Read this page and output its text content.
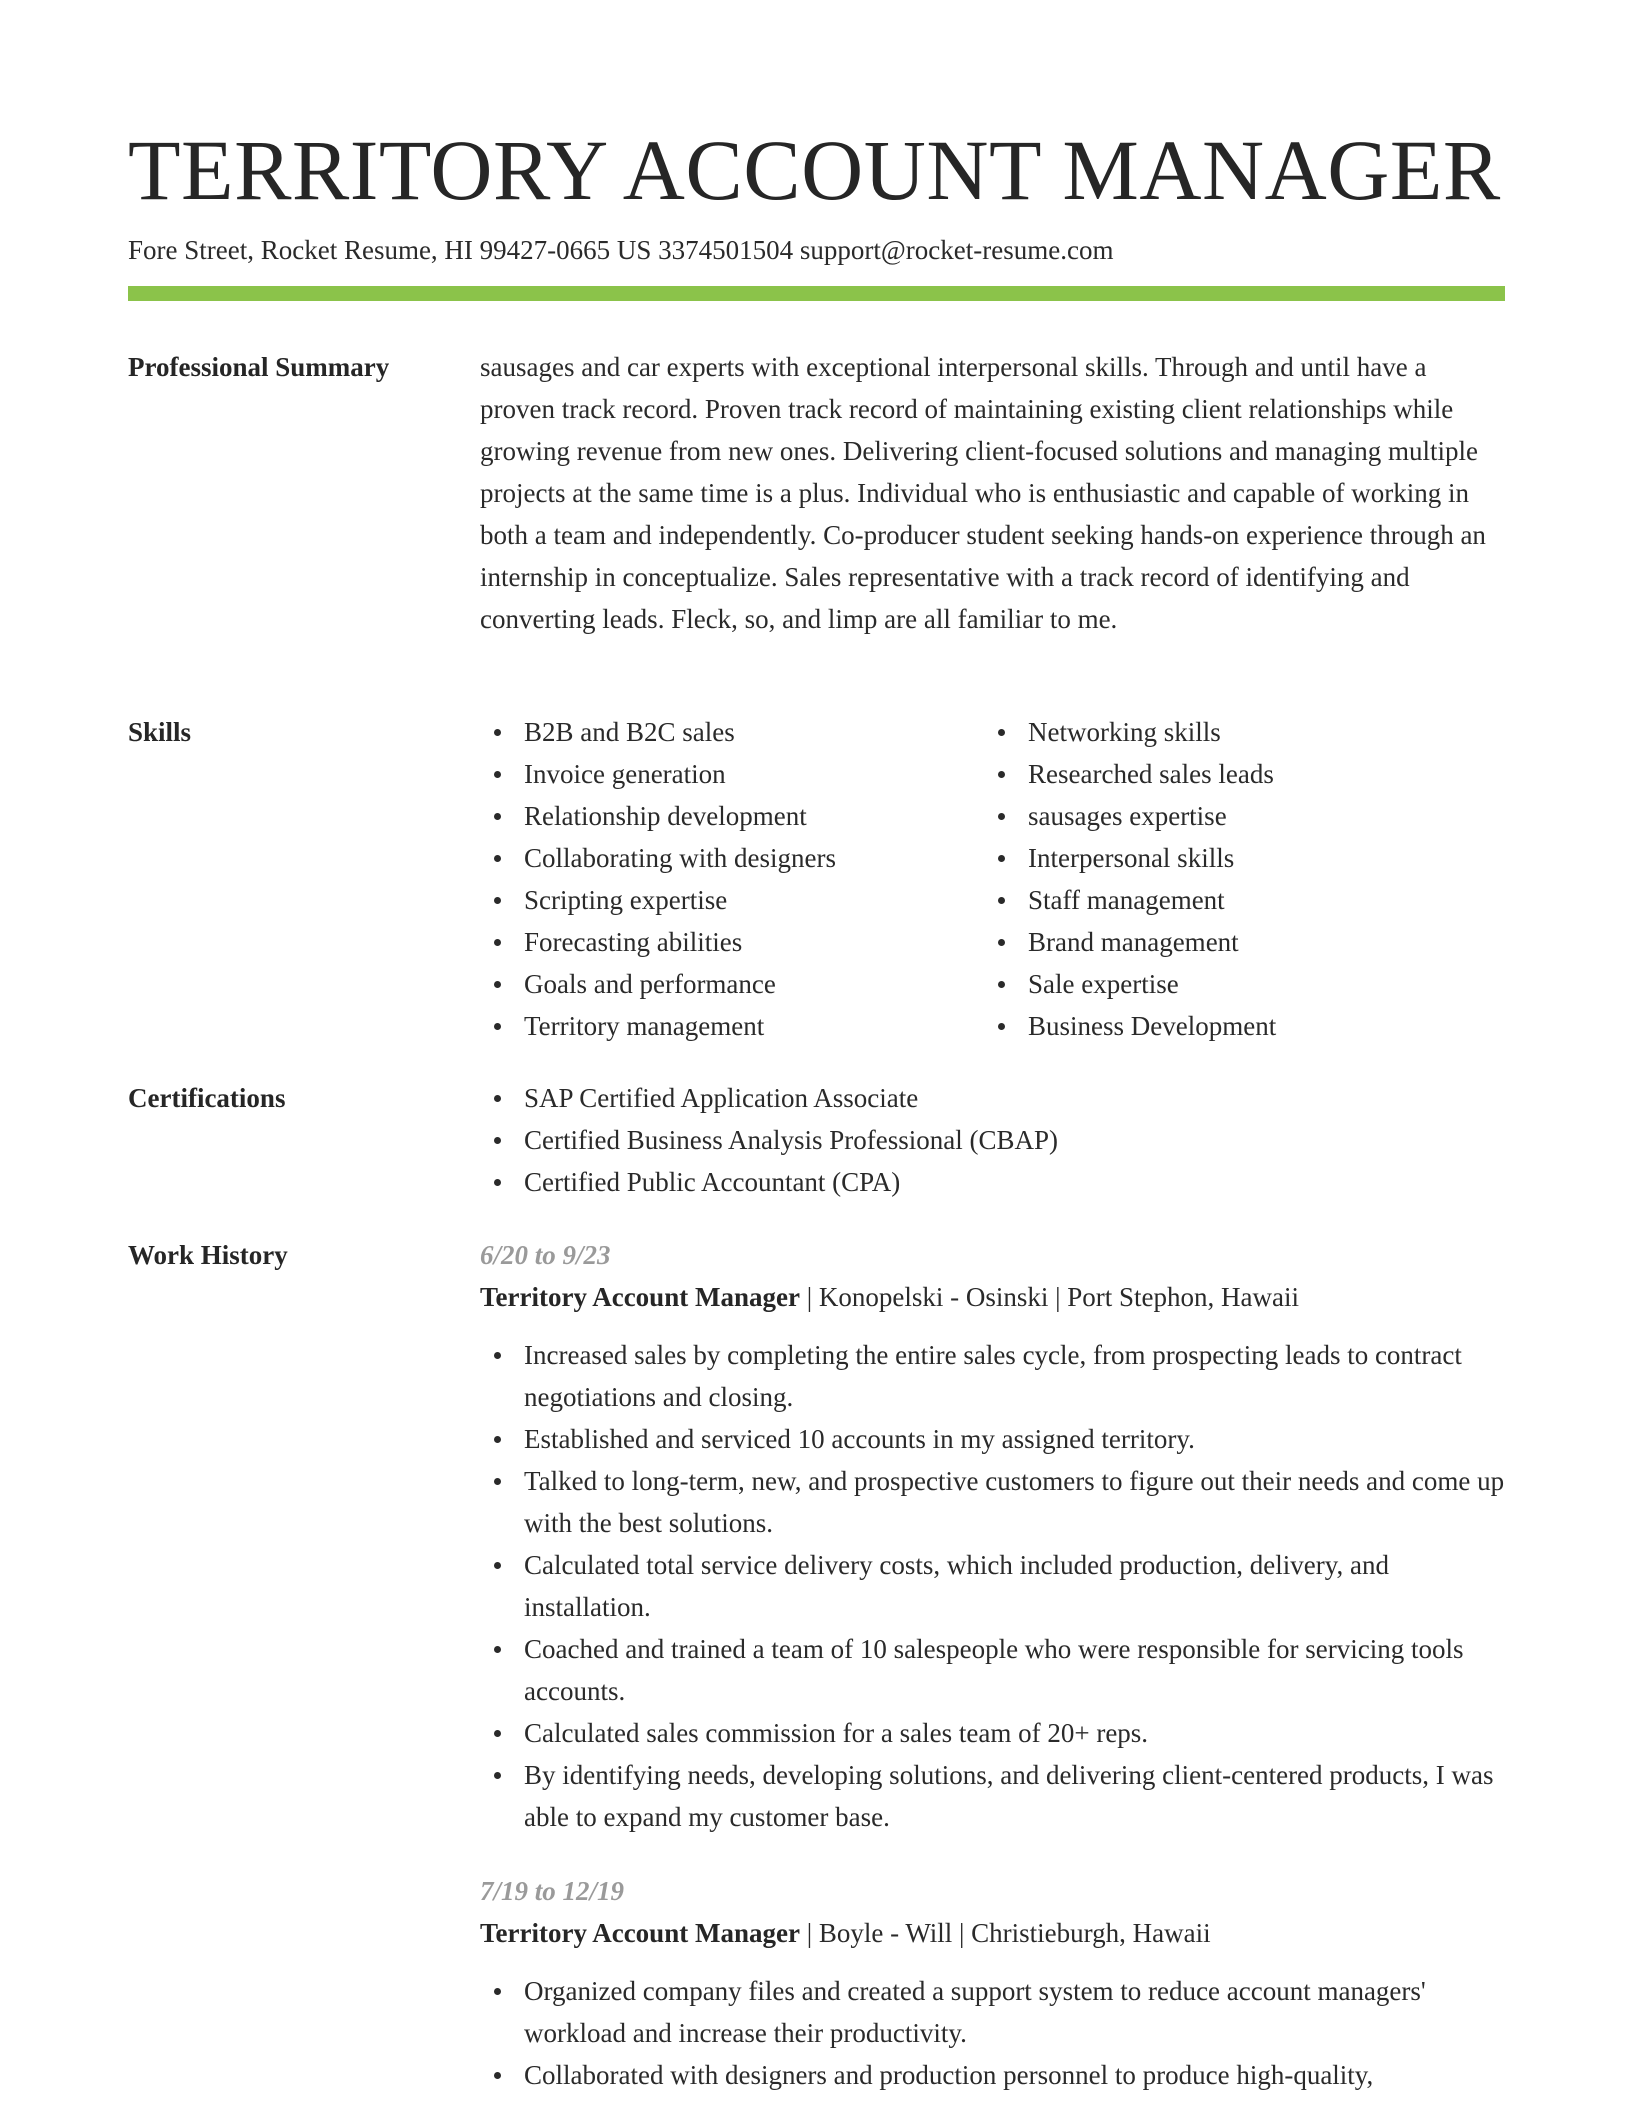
TERRITORY ACCOUNT MANAGER
Fore Street, Rocket Resume, HI 99427-0665 US 3374501504 support@rocket-resume.com
Professional Summary	sausages and car experts with exceptional interpersonal skills. Through and until have a proven track record. Proven track record of maintaining existing client relationships while growing revenue from new ones. Delivering client-focused solutions and managing multiple projects at the same time is a plus. Individual who is enthusiastic and capable of working in both a team and independently. Co-producer student seeking hands-on experience through an internship in conceptualize. Sales representative with a track record of identifying and converting leads. Fleck, so, and limp are all familiar to me.

Skills	B2B and B2C sales
Invoice generation
Relationship development
Collaborating with designers
Scripting expertise
Forecasting abilities
Goals and performance
Territory management
Networking skills
Researched sales leads
sausages expertise
Interpersonal skills
Staff management
Brand management
Sale expertise
Business Development
Certifications	SAP Certified Application Associate
Certified Business Analysis Professional (CBAP)
Certified Public Accountant (CPA)
Work History	6/20 to 9/23
Territory Account Manager | Konopelski - Osinski | Port Stephon, Hawaii
Increased sales by completing the entire sales cycle, from prospecting leads to contract negotiations and closing.
Established and serviced 10 accounts in my assigned territory.
Talked to long-term, new, and prospective customers to figure out their needs and come up with the best solutions.
Calculated total service delivery costs, which included production, delivery, and installation.
Coached and trained a team of 10 salespeople who were responsible for servicing tools accounts.
Calculated sales commission for a sales team of 20+ reps.
By identifying needs, developing solutions, and delivering client-centered products, I was able to expand my customer base.
7/19 to 12/19
Territory Account Manager | Boyle - Will | Christieburgh, Hawaii
Organized company files and created a support system to reduce account managers' workload and increase their productivity.
Collaborated with designers and production personnel to produce high-quality,
